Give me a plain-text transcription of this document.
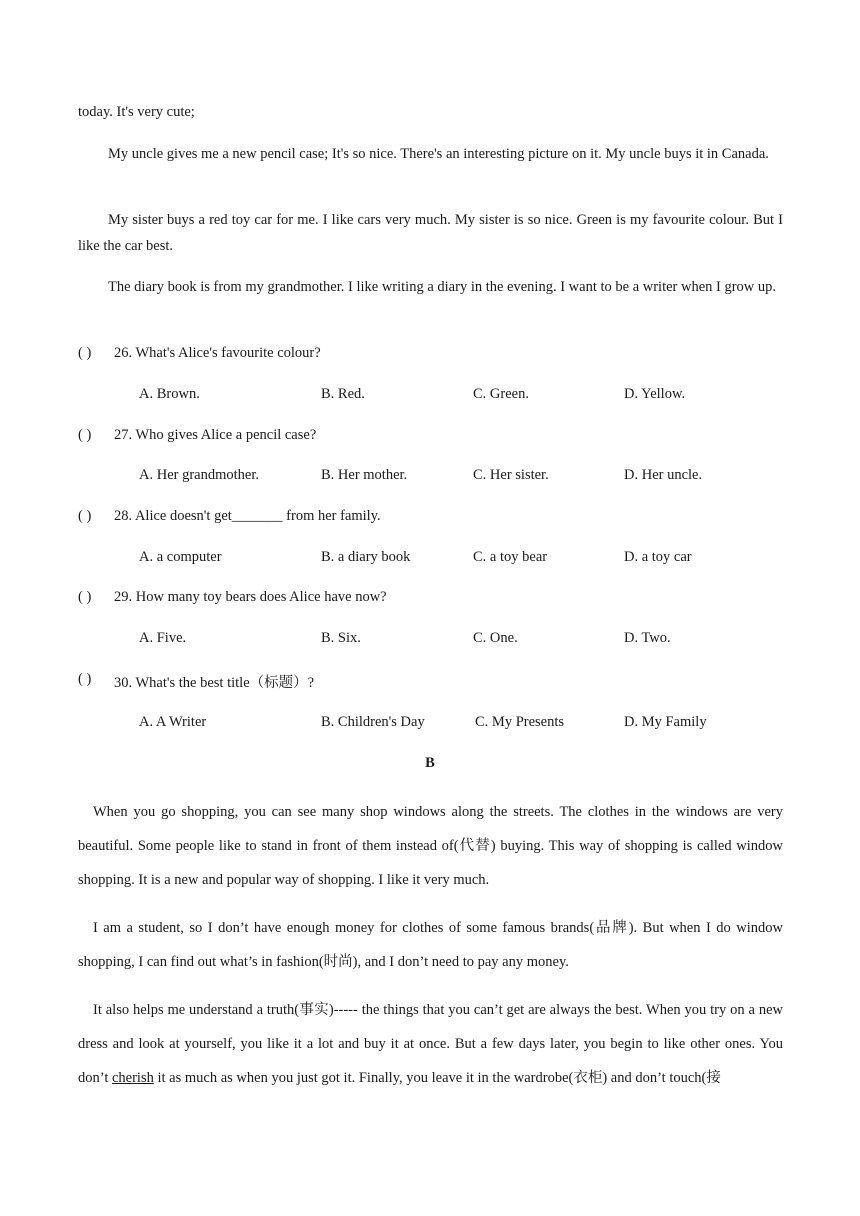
today. It's very cute;
My uncle gives me a new pencil case; It's so nice. There's an interesting picture on it. My uncle buys it in Canada.
My sister buys a red toy car for me. I like cars very much. My sister is so nice. Green is my favourite colour. But I like the car best.
The diary book is from my grandmother. I like writing a diary in the evening. I want to be a writer when I grow up.
( ) 26. What's Alice's favourite colour?
A. Brown.	B. Red.	C. Green.	D. Yellow.
( ) 27. Who gives Alice a pencil case?
A. Her grandmother.	B. Her mother.	C. Her sister.	D. Her uncle.
( ) 28. Alice doesn't get_______ from her family.
A. a computer	B. a diary book	C. a toy bear	D. a toy car
( ) 29. How many toy bears does Alice have now?
A. Five.	B. Six.	C. One.	D. Two.
( ) 30. What's the best title（标题）?
A. A Writer	B. Children's Day	C. My Presents	D. My Family
B
When you go shopping, you can see many shop windows along the streets. The clothes in the windows are very beautiful. Some people like to stand in front of them instead of(代替) buying. This way of shopping is called window shopping. It is a new and popular way of shopping. I like it very much.
I am a student, so I don’t have enough money for clothes of some famous brands(品牌). But when I do window shopping, I can find out what’s in fashion(时尚), and I don’t need to pay any money.
It also helps me understand a truth(事实)----- the things that you can’t get are always the best. When you try on a new dress and look at yourself, you like it a lot and buy it at once. But a few days later, you begin to like other ones. You don’t cherish it as much as when you just got it. Finally, you leave it in the wardrobe(衣柜) and don’t touch(接
